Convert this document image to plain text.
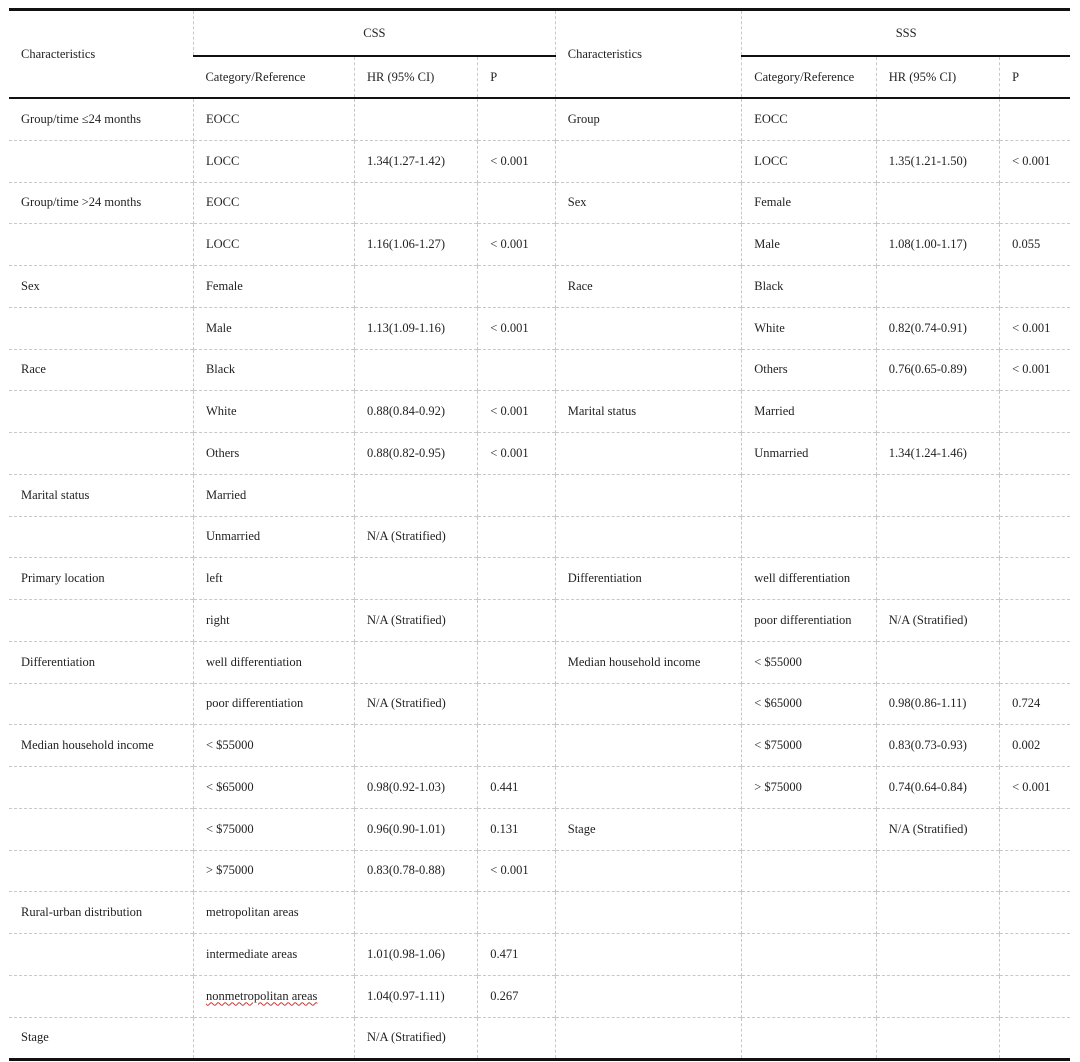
Characteristics	CSS			Characteristics	SSS		
	Category/Reference	HR (95% CI)	P		Category/Reference	HR (95% CI)	P
Group/time ≤24 months	EOCC			Group	EOCC		
	LOCC	1.34(1.27-1.42)	< 0.001		LOCC	1.35(1.21-1.50)	< 0.001
Group/time >24 months	EOCC			Sex	Female		
	LOCC	1.16(1.06-1.27)	< 0.001		Male	1.08(1.00-1.17)	0.055
Sex	Female			Race	Black		
	Male	1.13(1.09-1.16)	< 0.001		White	0.82(0.74-0.91)	< 0.001
Race	Black				Others	0.76(0.65-0.89)	< 0.001
	White	0.88(0.84-0.92)	< 0.001	Marital status	Married		
	Others	0.88(0.82-0.95)	< 0.001		Unmarried	1.34(1.24-1.46)	
Marital status	Married						
	Unmarried	N/A (Stratified)					
Primary location	left			Differentiation	well differentiation		
	right	N/A (Stratified)			poor differentiation	N/A (Stratified)	
Differentiation	well differentiation			Median household income	< $55000		
	poor differentiation	N/A (Stratified)			< $65000	0.98(0.86-1.11)	0.724
Median household income	< $55000				< $75000	0.83(0.73-0.93)	0.002
	< $65000	0.98(0.92-1.03)	0.441		> $75000	0.74(0.64-0.84)	< 0.001
	< $75000	0.96(0.90-1.01)	0.131	Stage		N/A (Stratified)	
	> $75000	0.83(0.78-0.88)	< 0.001				
Rural-urban distribution	metropolitan areas						
	intermediate areas	1.01(0.98-1.06)	0.471				
	nonmetropolitan areas	1.04(0.97-1.11)	0.267				
Stage		N/A (Stratified)					
